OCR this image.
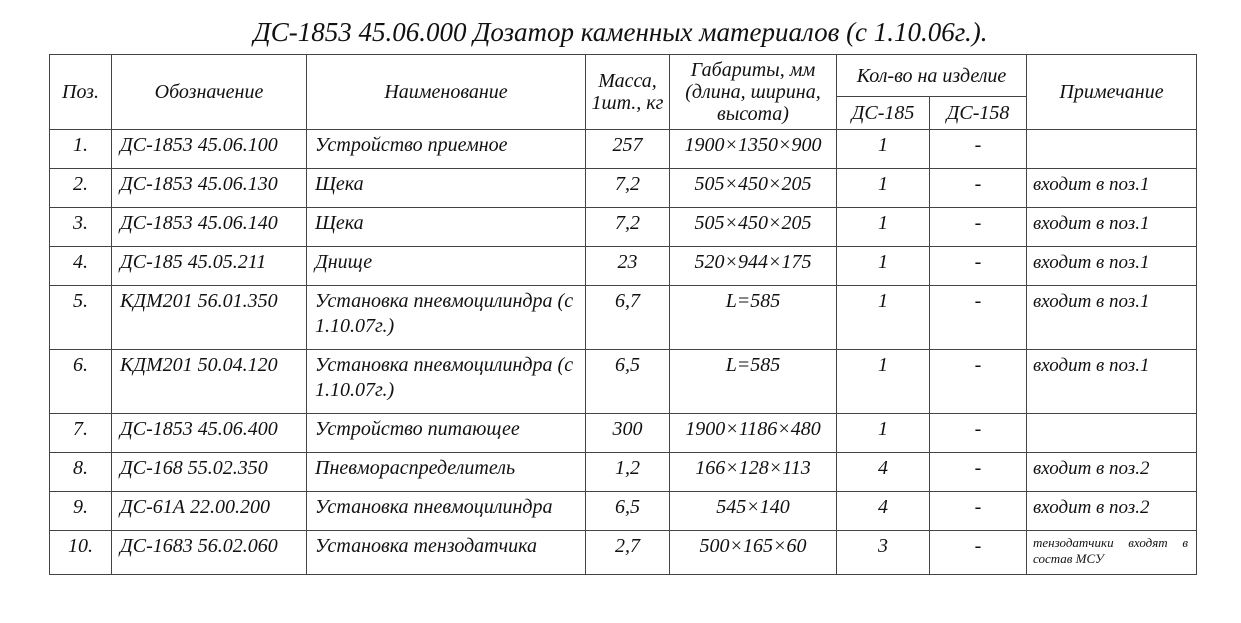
ДС-1853 45.06.000 Дозатор каменных материалов (с 1.10.06г.).
Поз.	Обозначение	Наименование	Масса, 1шт., кг	Габариты, мм (длина, ширина, высота)	Кол-во на изделие		Примечание
					ДС-185	ДС-158	
1.	ДС-1853 45.06.100	Устройство приемное	257	1900×1350×900	1	-	
2.	ДС-1853 45.06.130	Щека	7,2	505×450×205	1	-	входит в поз.1
3.	ДС-1853 45.06.140	Щека	7,2	505×450×205	1	-	входит в поз.1
4.	ДС-185 45.05.211	Днище	23	520×944×175	1	-	входит в поз.1
5.	КДМ201 56.01.350	Установка пневмоцилиндра (с 1.10.07г.)	6,7	L=585	1	-	входит в поз.1
6.	КДМ201 50.04.120	Установка пневмоцилиндра (с 1.10.07г.)	6,5	L=585	1	-	входит в поз.1
7.	ДС-1853 45.06.400	Устройство питающее	300	1900×1186×480	1	-	
8.	ДС-168 55.02.350	Пневмораспределитель	1,2	166×128×113	4	-	входит в поз.2
9.	ДС-61А 22.00.200	Установка пневмоцилиндра	6,5	545×140	4	-	входит в поз.2
10.	ДС-1683 56.02.060	Установка тензодатчика	2,7	500×165×60	3	-	тензодатчики входят в состав МСУ
